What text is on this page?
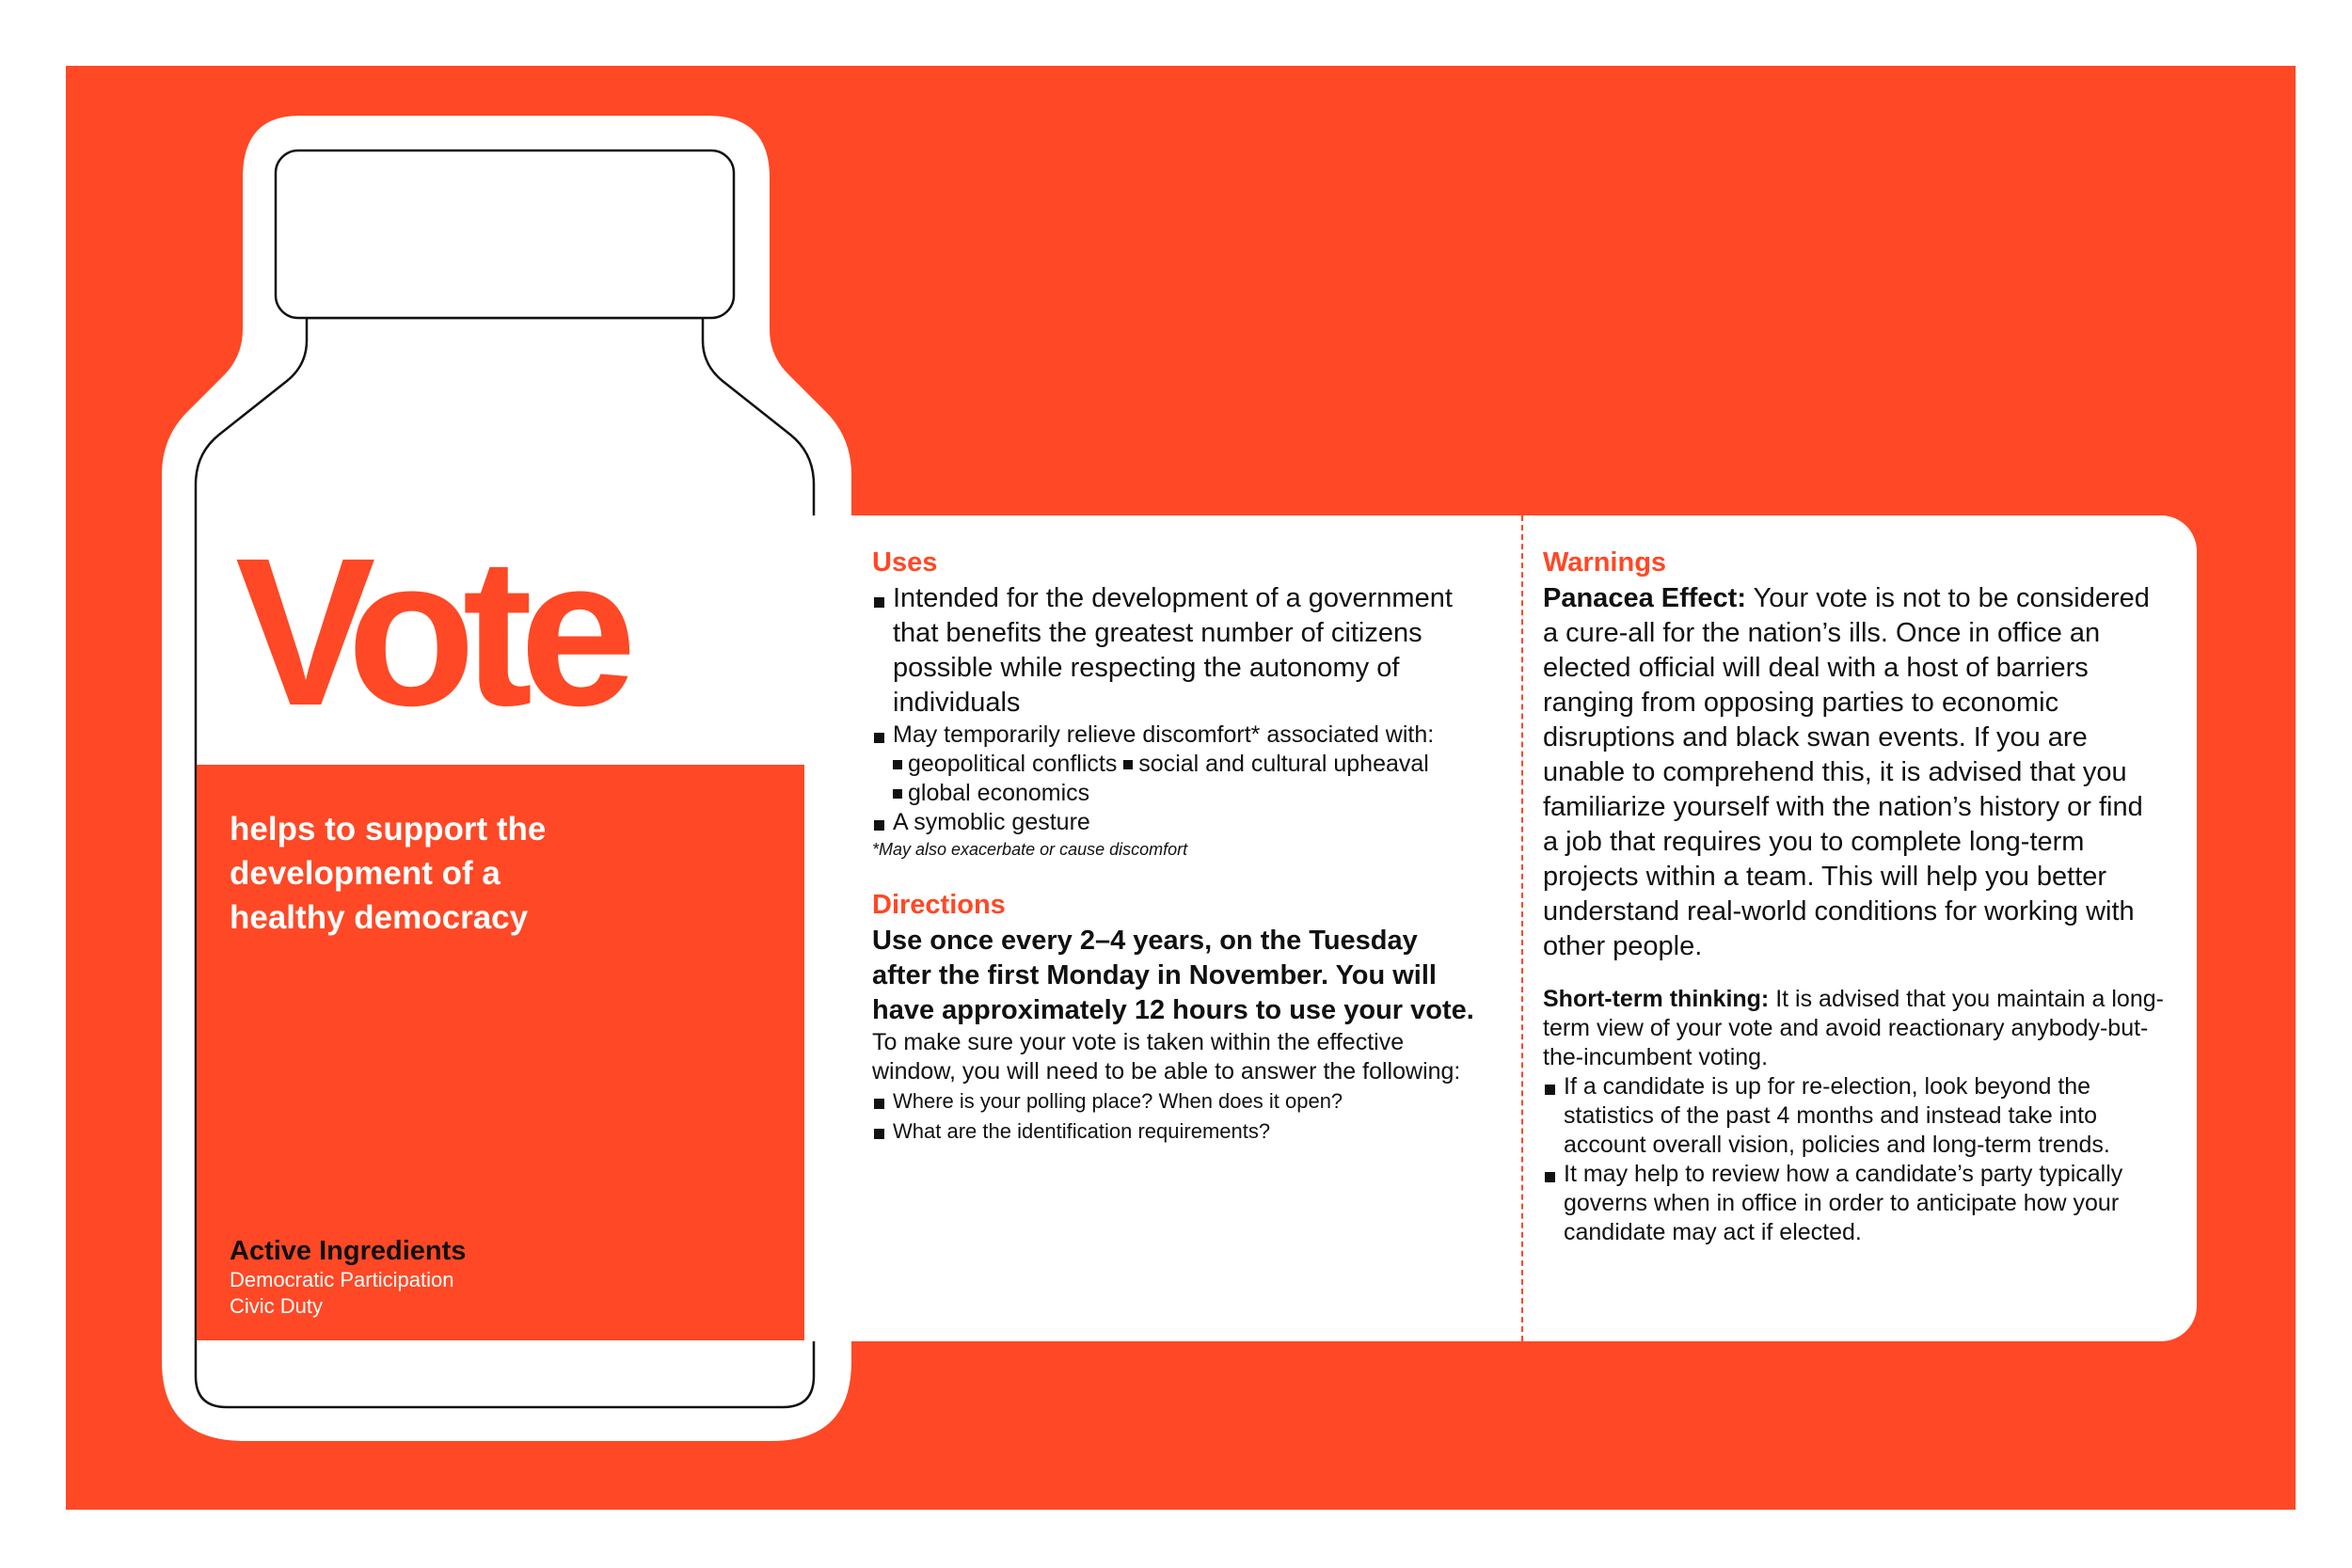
Vote
helps to support the development of a healthy democracy
Active Ingredients
Democratic Participation
Civic Duty
Uses
Intended for the development of a government that benefits the greatest number of citizens possible while respecting the autonomy of individuals
May temporarily relieve discomfort* associated with:
geopolitical conflicts social and cultural upheaval
global economics
A symoblic gesture
*May also exacerbate or cause discomfort
Directions
Use once every 2–4 years, on the Tuesday after the first Monday in November. You will have approximately 12 hours to use your vote.
To make sure your vote is taken within the effective window, you will need to be able to answer the following:
Where is your polling place? When does it open?
What are the identification requirements?
Warnings
Panacea Effect: Your vote is not to be considered a cure-all for the nation’s ills. Once in office an elected official will deal with a host of barriers ranging from opposing parties to economic disruptions and black swan events. If you are unable to comprehend this, it is advised that you familiarize yourself with the nation’s history or find a job that requires you to complete long-term projects within a team. This will help you better understand real-world conditions for working with other people.
Short-term thinking: It is advised that you maintain a long-term view of your vote and avoid reactionary anybody-but-the-incumbent voting.
If a candidate is up for re-election, look beyond the statistics of the past 4 months and instead take into account overall vision, policies and long-term trends.
It may help to review how a candidate’s party typically governs when in office in order to anticipate how your candidate may act if elected.
